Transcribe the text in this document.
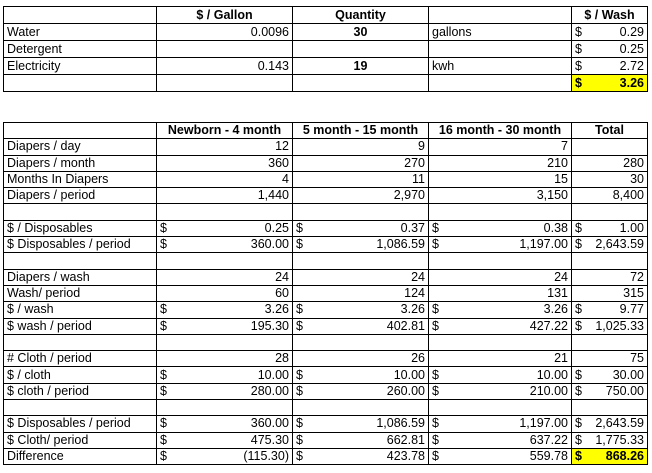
	$ / Gallon	Quantity		$ / Wash
Water	0.0096	30	gallons	$ 0.29

Detergent				$ 0.25

Electricity	0.143	19	kwh	$ 2.72

				$ 3.26
	Newborn - 4 month	5 month - 15 month	16 month - 30 month	Total
Diapers / day	12	9	7	
Diapers / month	360	270	210	280
Months In Diapers	4	11	15	30
Diapers / period	1,440	2,970	3,150	8,400

$ / Disposables	$ 0.25	$ 0.37	$ 0.38	$ 1.00

$ Disposables / period	$ 360.00	$ 1,086.59	$ 1,197.00	$ 2,643.59

Diapers / wash	24	24	24	72
Wash/ period	60	124	131	315
$ / wash	$ 3.26	$ 3.26	$ 3.26	$ 9.77

$ wash / period	$ 195.30	$ 402.81	$ 427.22	$ 1,025.33

# Cloth / period	28	26	21	75
$ / cloth	$ 10.00	$ 10.00	$ 10.00	$ 30.00

$ cloth / period	$ 280.00	$ 260.00	$ 210.00	$ 750.00

$ Disposables / period	$ 360.00	$ 1,086.59	$ 1,197.00	$ 2,643.59

$ Cloth/ period	$ 475.30	$ 662.81	$ 637.22	$ 1,775.33

Difference	$ (115.30)	$ 423.78	$ 559.78	$ 868.26
